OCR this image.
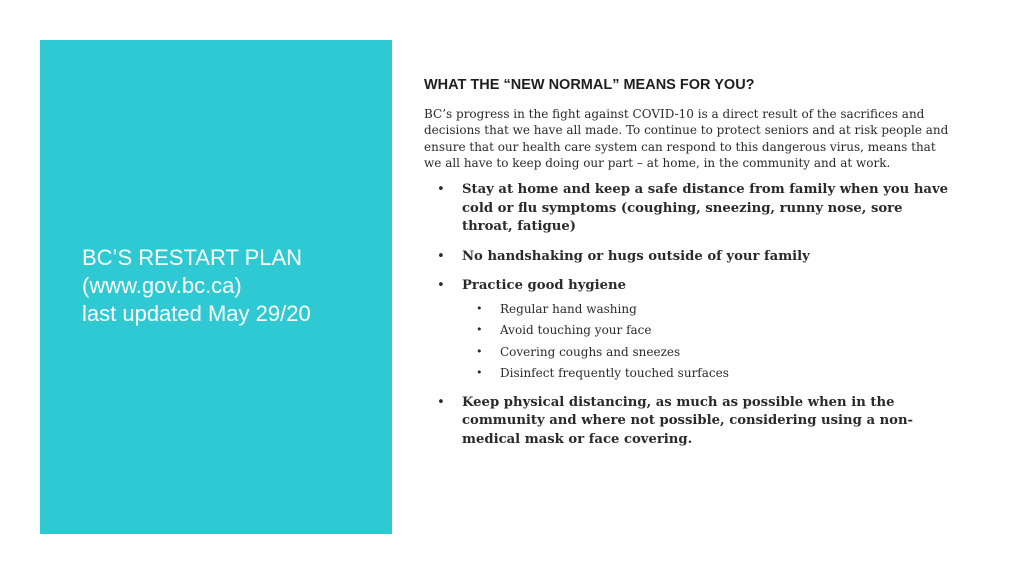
BC’S RESTART PLAN
(www.gov.bc.ca)
last updated May 29/20
WHAT THE “NEW NORMAL” MEANS FOR YOU?
BC’s progress in the fight against COVID-10 is a direct result of the sacrifices and decisions that we have all made. To continue to protect seniors and at risk people and ensure that our health care system can respond to this dangerous virus, means that we all have to keep doing our part – at home, in the community and at work.
• Stay at home and keep a safe distance from family when you have cold or flu symptoms (coughing, sneezing, runny nose, sore throat, fatigue)
• No handshaking or hugs outside of your family
• Practice good hygiene
• Regular hand washing
• Avoid touching your face
• Covering coughs and sneezes
• Disinfect frequently touched surfaces
• Keep physical distancing, as much as possible when in the community and where not possible, considering using a non-medical mask or face covering.
